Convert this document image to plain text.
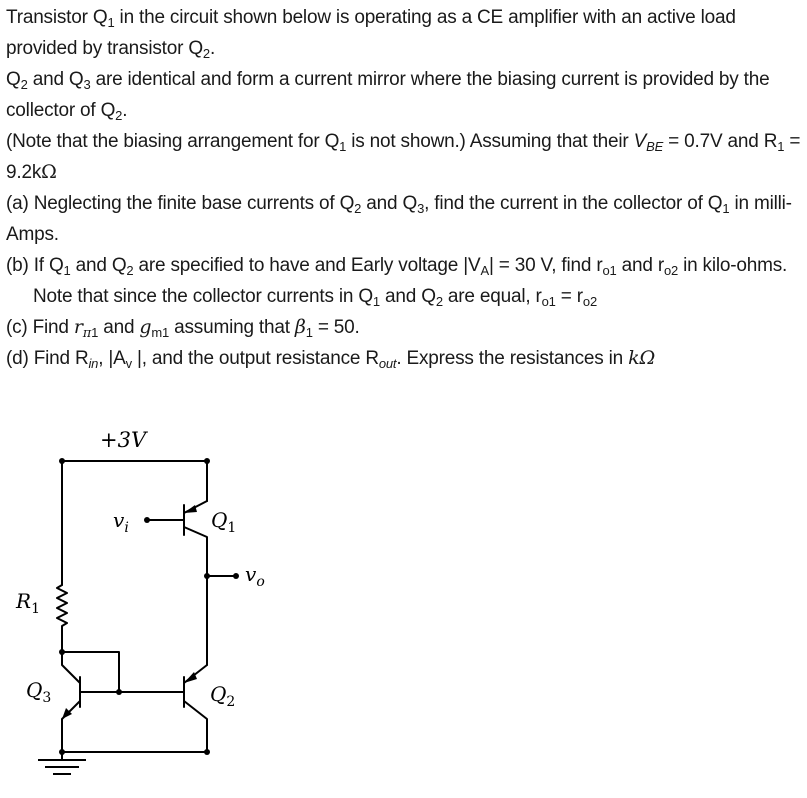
Transistor $Q_1$ in the circuit shown below is operating as a CE amplifier with an active load provided by transistor $Q_2$.

$Q_2$ and $Q_3$ are identical and form a current mirror where the biasing current is provided by the collector of $Q_2$.

(Note that the biasing arrangement for $Q_1$ is not shown.) Assuming that their $V_{BE} = 0.7V$ and $R_1 = 9.2k\Omega$

(a) Neglecting the finite base currents of $Q_2$ and $Q_3$, find the current in the collector of $Q_1$ in milli-Amps.

(b) If $Q_1$ and $Q_2$ are specified to have and Early voltage $|V_A| = 30$ V, find $r_{o1}$ and $r_{o2}$ in kilo-ohms.

Note that since the collector currents in $Q_1$ and $Q_2$ are equal, $r_{o1} = r_{o2}$

(c) Find $r_{\pi 1}$ and $g_{m1}$ assuming that $\beta_1 = 50$.

(d) Find $R_{in}$, $|A_v$ |, and the output resistance $R_{out}$. Express the resistances in kΩ

+3V
$v_i$	$Q_1$
$v_o$
$R_1$
$Q_3$	$Q_2$
